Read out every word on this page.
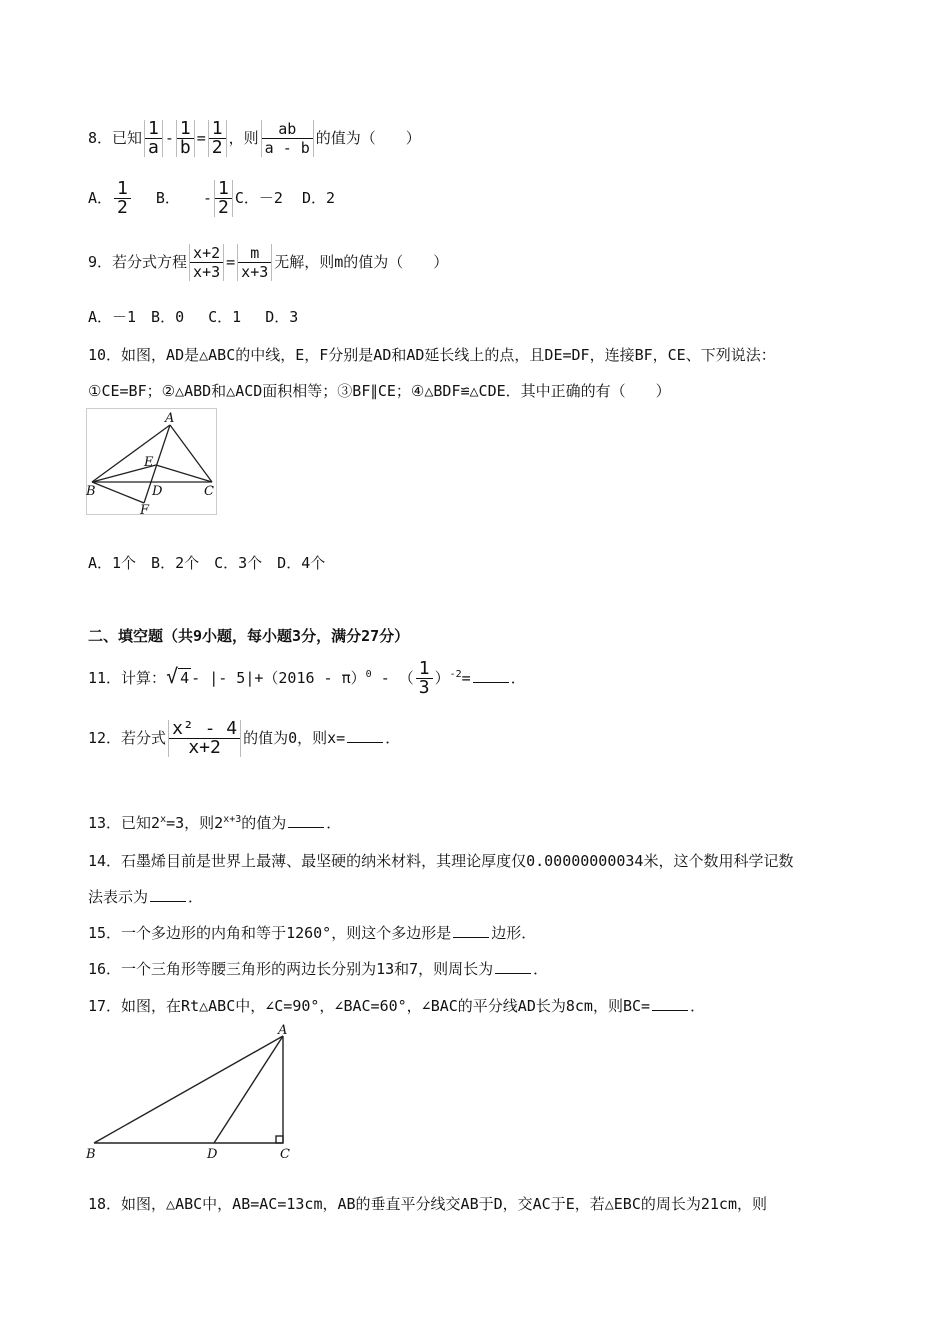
8．已知 $\frac{1}{a} - \frac{1}{b} = \frac{1}{2}$ ，则 $\frac{ab}{a - b}$ 的值为（　　）
A． $\frac{1}{2}$ B． - $\frac{1}{2}$ C．－2 D．2
9．若分式方程 $\frac{x+2}{x+3} = \frac{m}{x+3}$ 无解，则m的值为（　　）
A．－1　B．0　 C．1　 D．3
10．如图，AD是△ABC的中线，E，F分别是AD和AD延长线上的点，且DE=DF，连接BF，CE、下列说法：
①CE=BF；②△ABD和△ACD面积相等；③BF∥CE；④△BDF≌△CDE．其中正确的有（　　）
A
E
B	D	C
F
A．1个　B．2个　C．3个　D．4个
二、填空题（共9小题，每小题3分，满分27分）
11．计算：√ 4 - |- 5|+（2016 - π）$^0$ - （ $\frac{1}{3} )^{-2}=$	．
12．若分式 $\frac{\text{x² - 4}}{x+2}$ 的值为0，则x=	．
13．已知$2^x=3$，则$2^{x+3}$的值为	．
14．石墨烯目前是世界上最薄、最坚硬的纳米材料，其理论厚度仅0.00000000034米，这个数用科学记数
法表示为	．
15．一个多边形的内角和等于1260°，则这个多边形是	边形．
16．一个三角形等腰三角形的两边长分别为13和7，则周长为	．
17．如图，在Rt△ABC中，∠C=90°，∠BAC=60°，∠BAC的平分线AD长为8cm，则BC=	．
A
B	D	C
18．如图，△ABC中，AB=AC=13cm，AB的垂直平分线交AB于D，交AC于E，若△EBC的周长为21cm，则
